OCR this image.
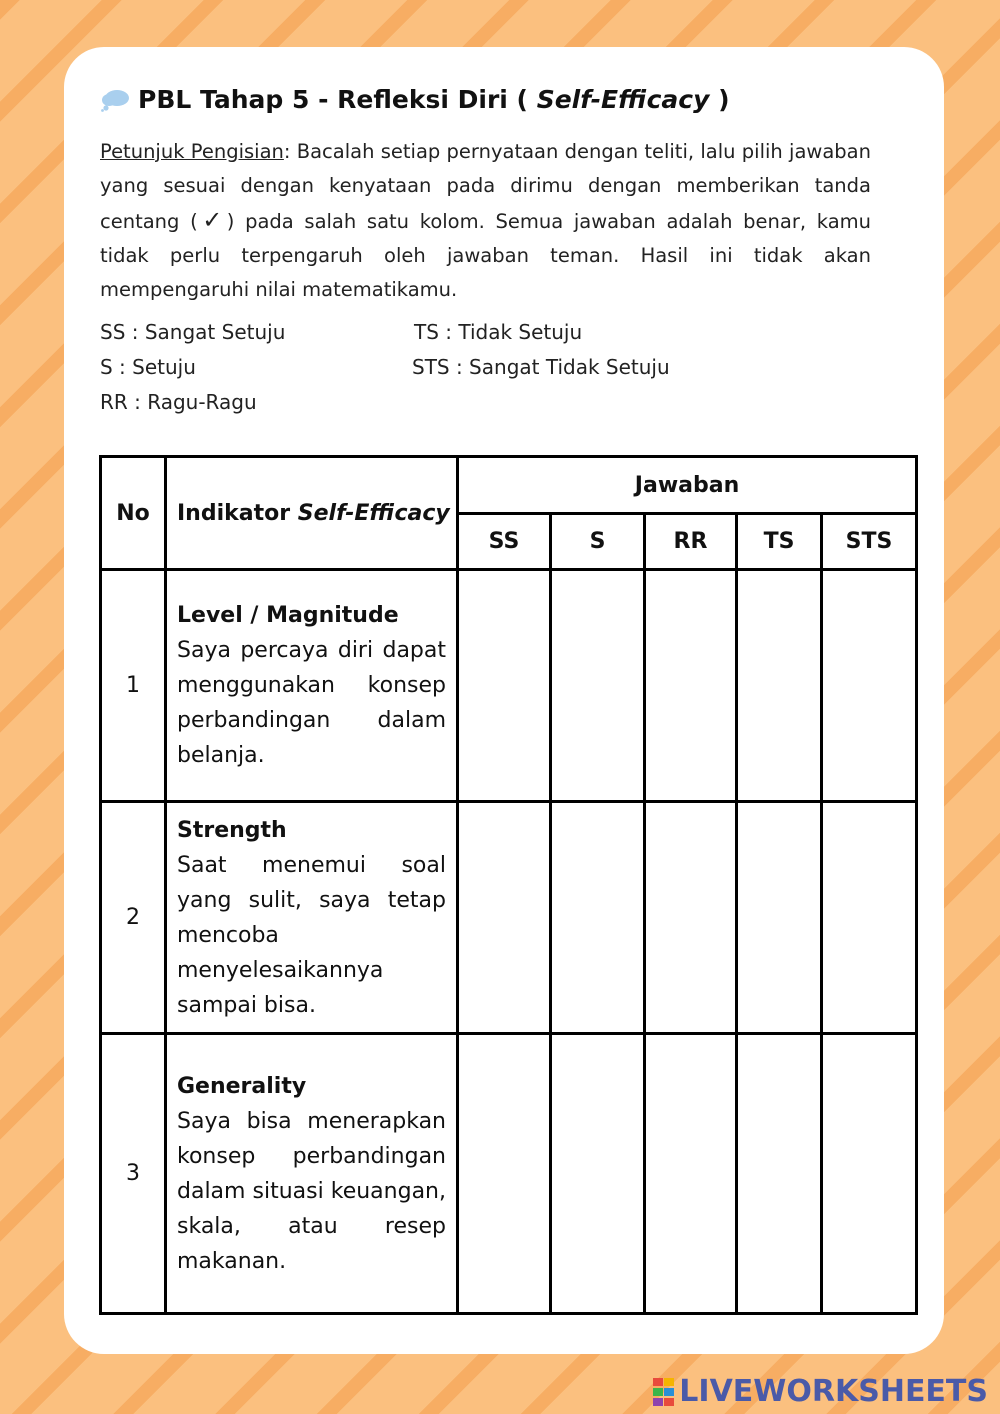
PBL Tahap 5 - Refleksi Diri (
Self-Efficacy
)

Petunjuk Pengisian: Bacalah setiap pernyataan dengan teliti, lalu pilih jawaban yang sesuai dengan kenyataan pada dirimu dengan memberikan tanda centang (✓) pada salah satu kolom. Semua jawaban adalah benar, kamu tidak perlu terpengaruh oleh jawaban teman. Hasil ini tidak akan mempengaruhi nilai matematikamu.

SS : Sangat Setuju
S : Setuju
RR : Ragu-Ragu
TS : Tidak Setuju
STS : Sangat Tidak Setuju
No	Indikator Self-Efficacy	Jawaban				
		SS	S	RR	TS	STS
1	Level / Magnitude
Saya percaya diri dapat menggunakan konsep perbandingan dalam belanja.					

2	Strength
Saat menemui soal yang sulit, saya tetap mencoba menyelesaikannya sampai bisa.					

3	Generality
Saya bisa menerapkan konsep perbandingan dalam situasi keuangan, skala, atau resep makanan.					

LIVEWORKSHEETS
